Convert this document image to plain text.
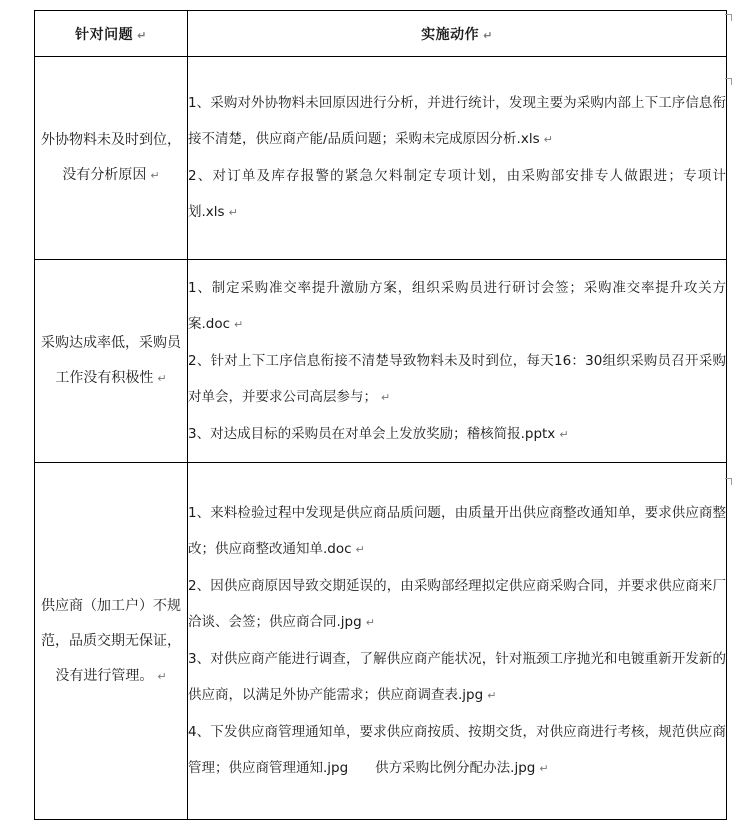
针对问题 ↵	实施动作 ↵
外协物料未及时到位，没有分析原因 ↵	1、采购对外协物料未回原因进行分析，并进行统计，发现主要为采购内部上下工序信息衔接不清楚，供应商产能/品质问题；采购未完成原因分析.xls ↵
2、对订单及库存报警的紧急欠料制定专项计划，由采购部安排专人做跟进；专项计划.xls ↵

采购达成率低，采购员工作没有积极性 ↵	1、制定采购准交率提升激励方案，组织采购员进行研讨会签；采购准交率提升攻关方案.doc ↵
2、针对上下工序信息衔接不清楚导致物料未及时到位，每天16：30组织采购员召开采购对单会，并要求公司高层参与； ↵
3、对达成目标的采购员在对单会上发放奖励；稽核简报.pptx ↵

供应商（加工户）不规范，品质交期无保证，没有进行管理。 ↵	1、来料检验过程中发现是供应商品质问题，由质量开出供应商整改通知单，要求供应商整改；供应商整改通知单.doc ↵
2、因供应商原因导致交期延误的，由采购部经理拟定供应商采购合同，并要求供应商来厂洽谈、会签；供应商合同.jpg ↵
3、对供应商产能进行调查，了解供应商产能状况，针对瓶颈工序抛光和电镀重新开发新的供应商，以满足外协产能需求；供应商调查表.jpg ↵
4、下发供应商管理通知单，要求供应商按质、按期交货，对供应商进行考核，规范供应商管理；供应商管理通知.jpg　　供方采购比例分配办法.jpg ↵
